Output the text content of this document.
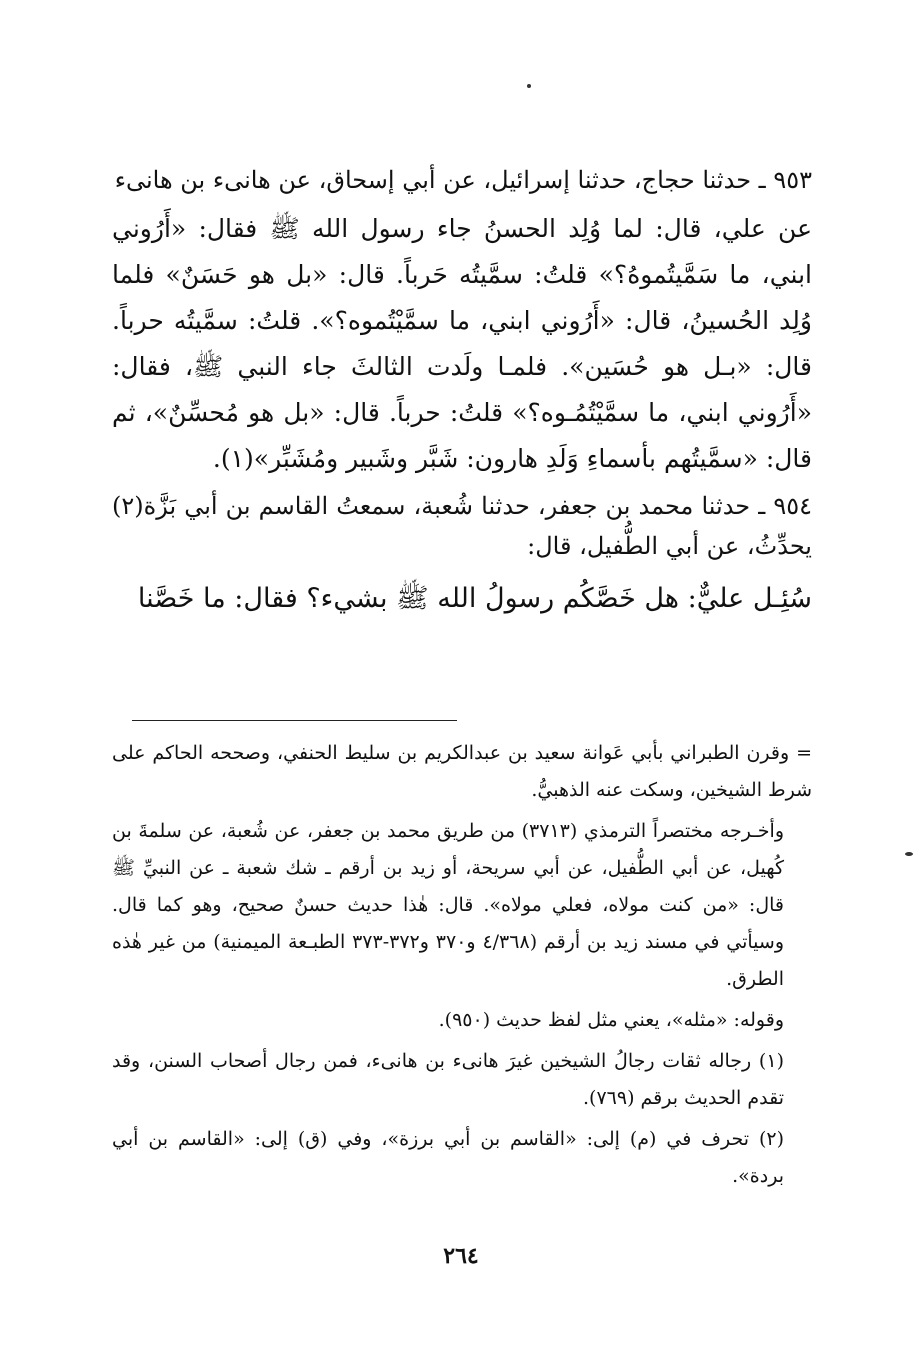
٩٥٣ ـ حدثنا حجاج، حدثنا إسرائيل، عن أبي إسحاق، عن هانىء بن هانىء
عن علي، قال: لما وُلِد الحسنُ جاء رسول الله ﷺ فقال: «أَرُوني ابني، ما سَمَّيتُموهُ؟» قلتُ: سمَّيتُه حَرباً. قال: «بل هو حَسَنٌ» فلما وُلِد الحُسينُ، قال: «أَرُوني ابني، ما سمَّيْتُموه؟». قلتُ: سمَّيتُه حرباً. قال: «بـل هو حُسَين». فلمـا ولَدت الثالثَ جاء النبي ﷺ، فقال: «أَرُوني ابني، ما سمَّيْتُمُـوه؟» قلتُ: حرباً. قال: «بل هو مُحسِّنٌ»، ثم قال: «سمَّيتُهم بأسماءِ وَلَدِ هارون: شَبَّر وشَبير ومُشَبِّر»(١).
٩٥٤ ـ حدثنا محمد بن جعفر، حدثنا شُعبة، سمعتُ القاسم بن أبي بَزَّة(٢) يحدِّثُ، عن أبي الطُّفيل، قال:
سُئِـل عليٌّ: هل خَصَّكُم رسولُ الله ﷺ بشيء؟ فقال: ما خَصَّنا

= وقرن الطبراني بأبي عَوانة سعيد بن عبدالكريم بن سليط الحنفي، وصححه الحاكم على شرط الشيخين، وسكت عنه الذهبيُّ.

وأخـرجه مختصراً الترمذي (٣٧١٣) من طريق محمد بن جعفر، عن شُعبة، عن سلمةَ بن كُهيل، عن أبي الطُّفيل، عن أبي سريحة، أو زيد بن أرقم ـ شك شعبة ـ عن النبيِّ ﷺ قال: «من كنت مولاه، فعلي مولاه». قال: هٰذا حديث حسنٌ صحيح، وهو كما قال. وسيأتي في مسند زيد بن أرقم (٤/٣٦٨ و٣٧٠ و٣٧٢-٣٧٣ الطبـعة الميمنية) من غير هٰذه الطرق.

وقوله: «مثله»، يعني مثل لفظ حديث (٩٥٠).

(١) رجاله ثقات رجالُ الشيخين غيرَ هانىء بن هانىء، فمن رجال أصحاب السنن، وقد تقدم الحديث برقم (٧٦٩).

(٢) تحرف في (م) إلى: «القاسم بن أبي برزة»، وفي (ق) إلى: «القاسم بن أبي بردة».

٢٦٤
